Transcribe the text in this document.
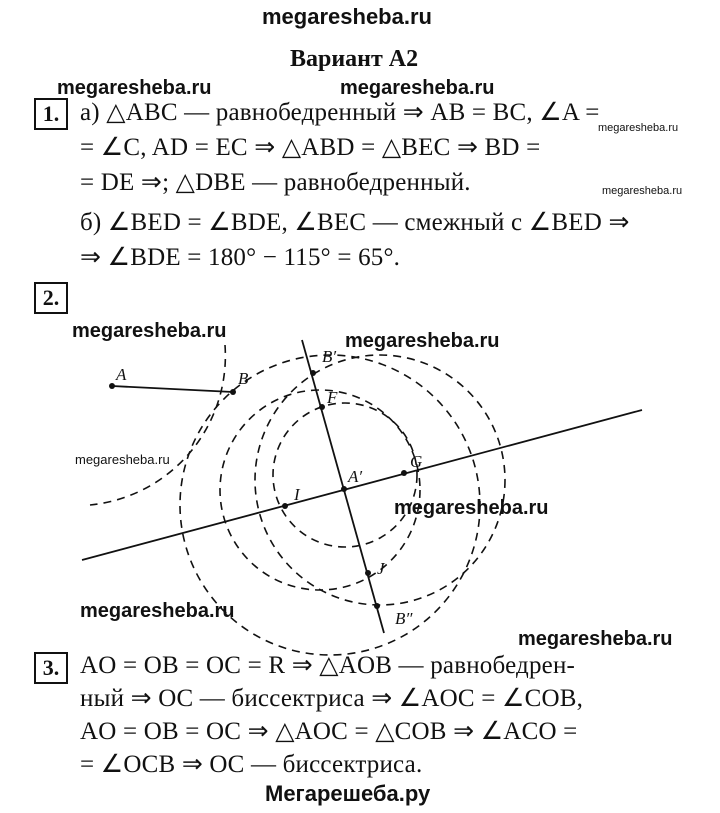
megaresheba.ru
megaresheba.ru	megaresheba.ru
megaresheba.ru
megaresheba.ru
megaresheba.ru	megaresheba.ru
megaresheba.ru
megaresheba.ru
megaresheba.ru
megaresheba.ru
Мегарешеба.ру
Вариант А2
1. а) △ABC — равнобедренный ⇒ AB = BC, ∠A =
= ∠C, AD = EC ⇒ △ABD = △BEC ⇒ BD =
= DE ⇒; △DBE — равнобедренный.
б) ∠BED = ∠BDE, ∠BEC — смежный с ∠BED ⇒
⇒ ∠BDE = 180° − 115° = 65°.
2.
A	B
B′
F
A′
G
I
J
B″
3. AO = OB = OC = R ⇒ △AOB — равнобедрен-
ный ⇒ OC — биссектриса ⇒ ∠AOC = ∠COB,
AO = OB = OC ⇒ △AOC = △COB ⇒ ∠ACO =
= ∠OCB ⇒ OC — биссектриса.
